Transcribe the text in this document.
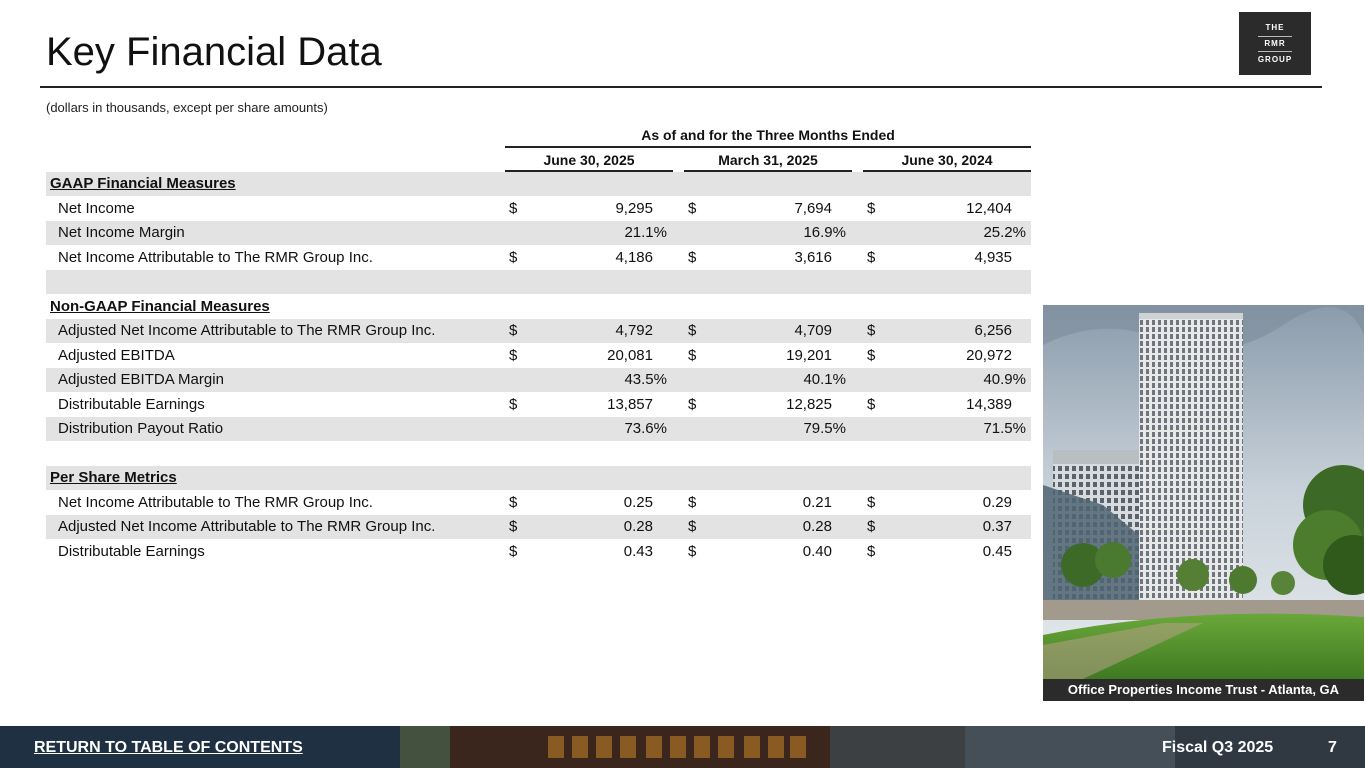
Key Financial Data
THE
RMR
GROUP
(dollars in thousands, except per share amounts)
As of and for the Three Months Ended
June 30, 2025	March 31, 2025	June 30, 2024
GAAP Financial Measures
Net Income	$	9,295 $	7,694 $	12,404
Net Income Margin	21.1%	16.9%	25.2%
Net Income Attributable to The RMR Group Inc.	$	4,186 $	3,616 $	4,935
Non-GAAP Financial Measures
Adjusted Net Income Attributable to The RMR Group Inc.	$	4,792 $	4,709 $	6,256
Adjusted EBITDA	$	20,081 $	19,201 $	20,972
Adjusted EBITDA Margin	43.5%	40.1%	40.9%
Distributable Earnings	$	13,857 $	12,825 $	14,389
Distribution Payout Ratio	73.6%	79.5%	71.5%
Per Share Metrics
Net Income Attributable to The RMR Group Inc.	$	0.25 $	0.21 $	0.29
Adjusted Net Income Attributable to The RMR Group Inc.	$	0.28 $	0.28 $	0.37
Distributable Earnings	$	0.43 $	0.40 $	0.45
Office Properties Income Trust - Atlanta, GA
RETURN TO TABLE OF CONTENTS	Fiscal Q3 2025	7
